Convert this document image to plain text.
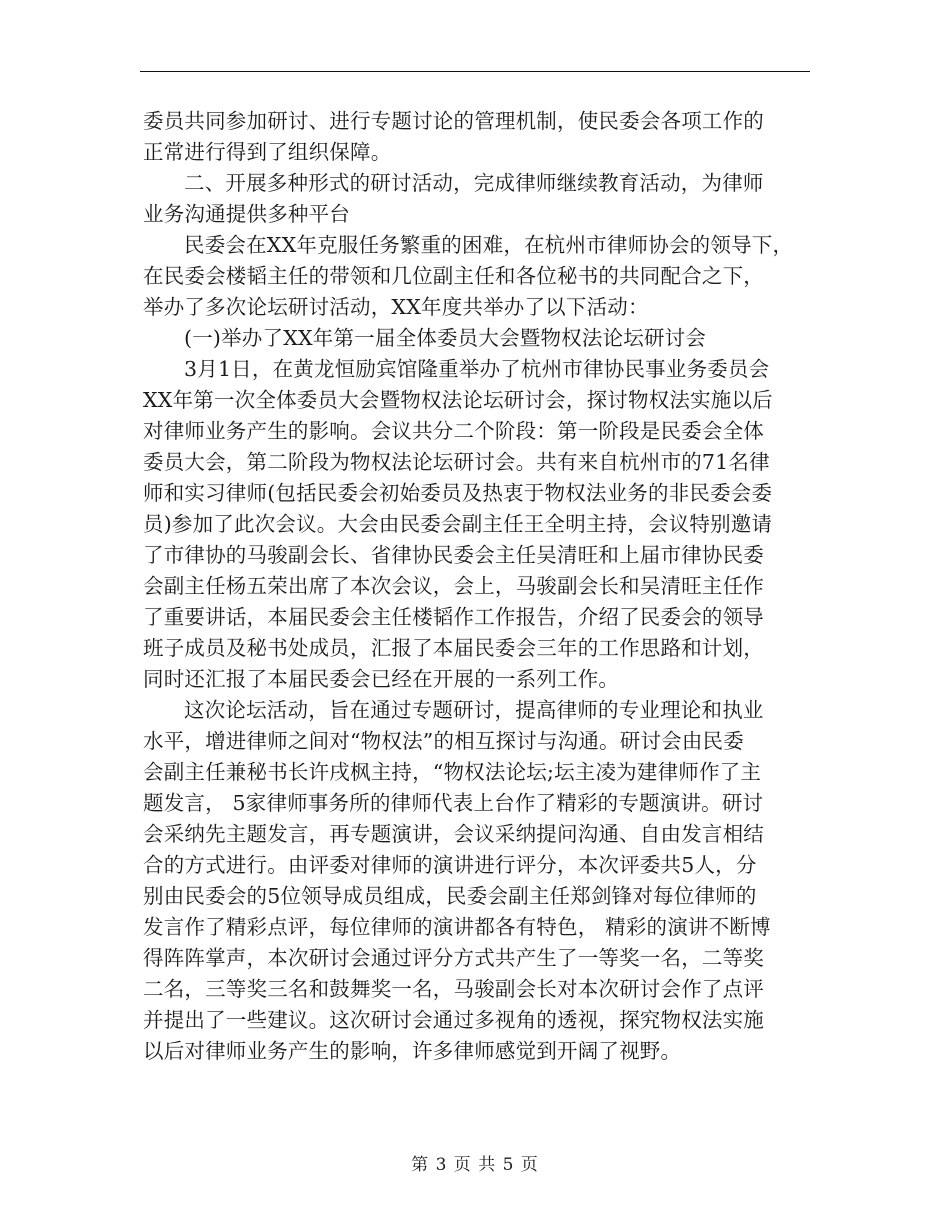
委员共同参加研讨、进行专题讨论的管理机制，使民委会各项工作的
正常进行得到了组织保障。
二、开展多种形式的研讨活动，完成律师继续教育活动，为律师
业务沟通提供多种平台
民委会在XX年克服任务繁重的困难，在杭州市律师协会的领导下，
在民委会楼韬主任的带领和几位副主任和各位秘书的共同配合之下，
举办了多次论坛研讨活动，XX年度共举办了以下活动：
(一)举办了XX年第一届全体委员大会暨物权法论坛研讨会
3月1日，在黄龙恒励宾馆隆重举办了杭州市律协民事业务委员会
XX年第一次全体委员大会暨物权法论坛研讨会，探讨物权法实施以后
对律师业务产生的影响。会议共分二个阶段：第一阶段是民委会全体
委员大会，第二阶段为物权法论坛研讨会。共有来自杭州市的71名律
师和实习律师(包括民委会初始委员及热衷于物权法业务的非民委会委
员)参加了此次会议。大会由民委会副主任王全明主持，会议特别邀请
了市律协的马骏副会长、省律协民委会主任吴清旺和上届市律协民委
会副主任杨五荣出席了本次会议，会上，马骏副会长和吴清旺主任作
了重要讲话，本届民委会主任楼韬作工作报告，介绍了民委会的领导
班子成员及秘书处成员，汇报了本届民委会三年的工作思路和计划，
同时还汇报了本届民委会已经在开展的一系列工作。
这次论坛活动，旨在通过专题研讨，提高律师的专业理论和执业
水平，增进律师之间对“物权法”的相互探讨与沟通。研讨会由民委
会副主任兼秘书长许戌枫主持，“物权法论坛;坛主凌为建律师作了主
题发言， 5家律师事务所的律师代表上台作了精彩的专题演讲。研讨
会采纳先主题发言，再专题演讲，会议采纳提问沟通、自由发言相结
合的方式进行。由评委对律师的演讲进行评分，本次评委共5人，分
别由民委会的5位领导成员组成，民委会副主任郑剑锋对每位律师的
发言作了精彩点评，每位律师的演讲都各有特色， 精彩的演讲不断博
得阵阵掌声，本次研讨会通过评分方式共产生了一等奖一名，二等奖
二名，三等奖三名和鼓舞奖一名，马骏副会长对本次研讨会作了点评
并提出了一些建议。这次研讨会通过多视角的透视，探究物权法实施
以后对律师业务产生的影响，许多律师感觉到开阔了视野。
第 3 页 共 5 页
